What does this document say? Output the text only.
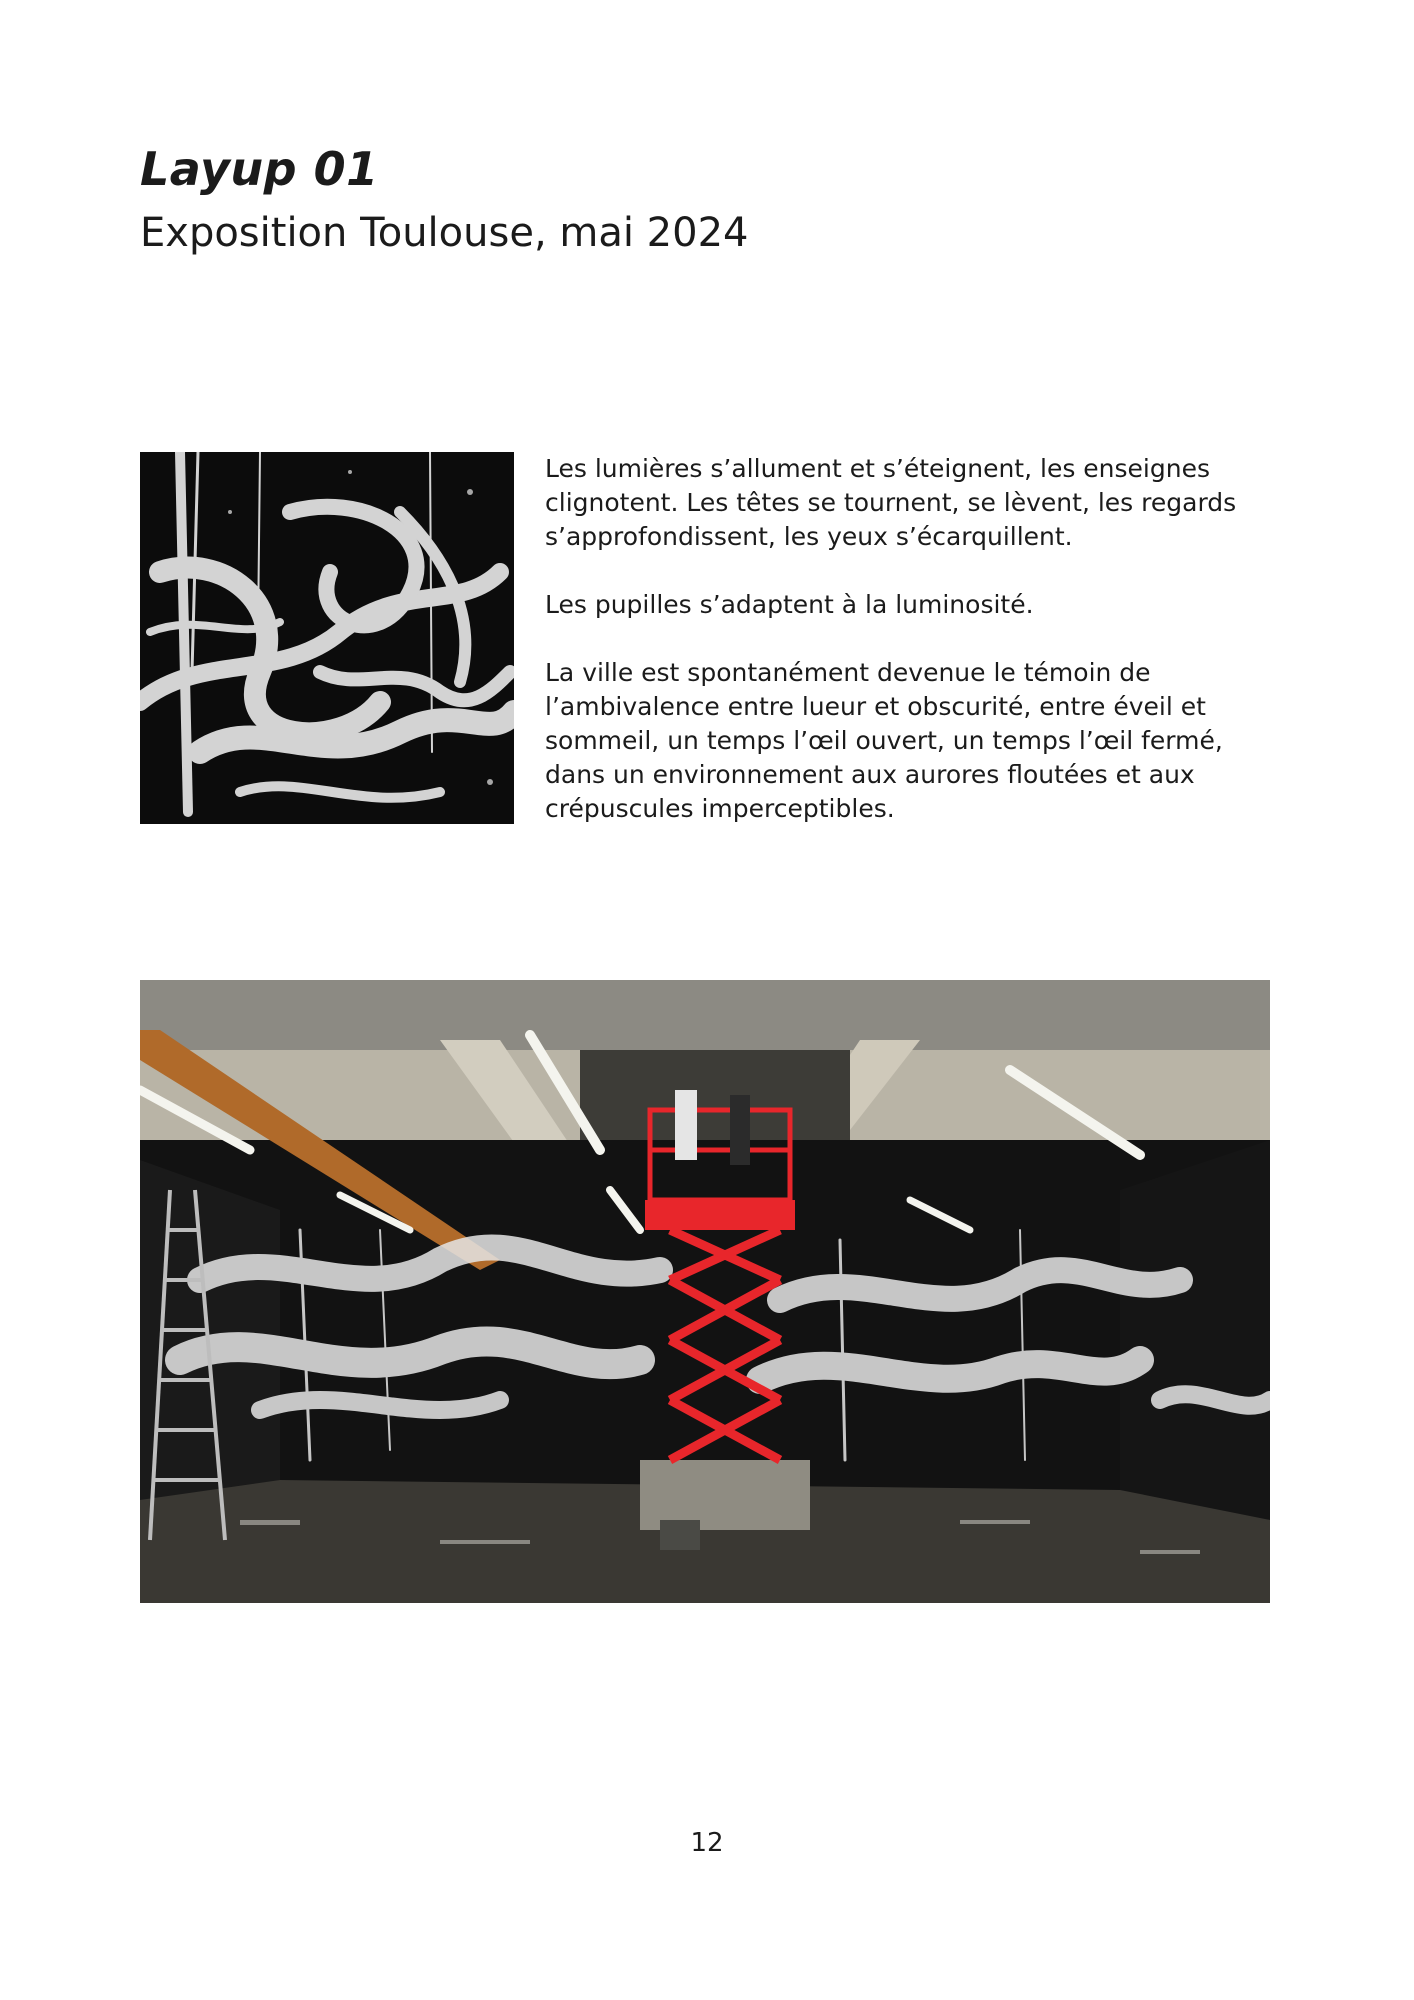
Layup 01
Exposition Toulouse, mai 2024

Les lumières s’allument et s’éteignent, les enseignes clignotent. Les têtes se tournent, se lèvent, les regards s’approfondissent, les yeux s’écarquillent.

Les pupilles s’adaptent à la luminosité.

La ville est spontanément devenue le témoin de l’ambivalence entre lueur et obscurité, entre éveil et sommeil, un temps l’œil ouvert, un temps l’œil fermé, dans un environnement aux aurores floutées et aux crépuscules imperceptibles.

12
